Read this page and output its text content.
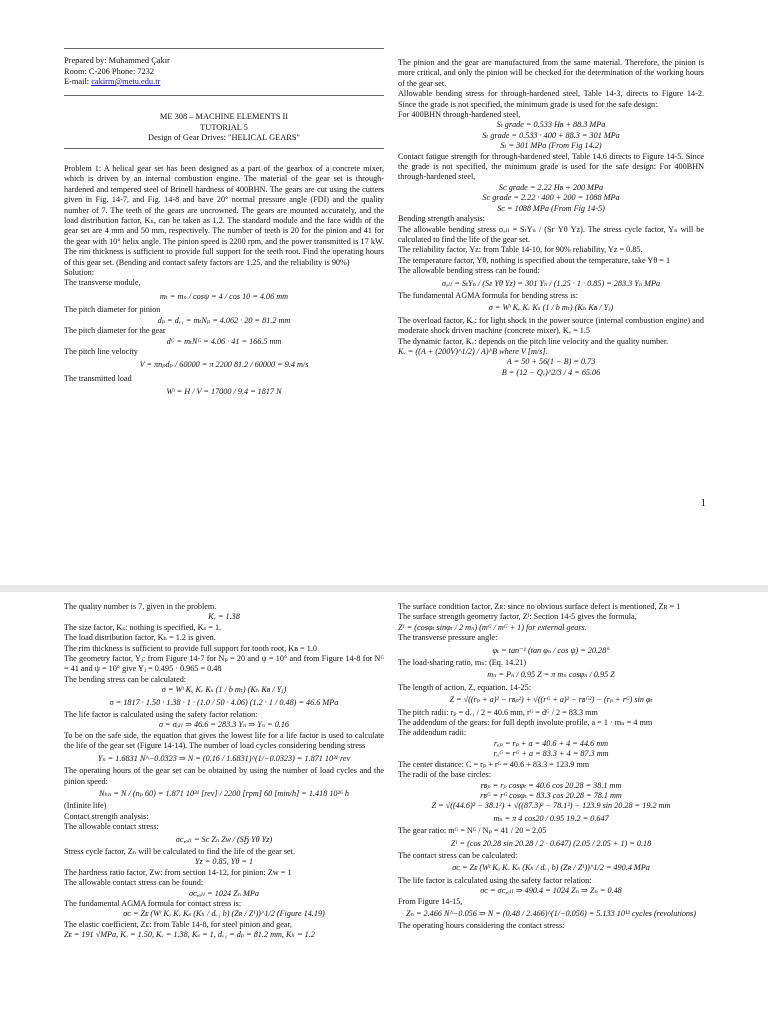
Prepared by: Muhammed Çakır
Room: C-206 Phone: 7232
E-mail: cakirm@metu.edu.tr
ME 308 – MACHINE ELEMENTS II
TUTORIAL 5
Design of Gear Drives: "HELICAL GEARS"

Problem 1: A helical gear set has been designed as a part of the gearbox of a concrete mixer, which is driven by an internal combustion engine. The material of the gear set is through-hardened and tempered steel of Brinell hardness of 400BHN. The gears are cut using the cutters given in Fig. 14-7, and Fig. 14-8 and have 20° normal pressure angle (FDI) and the quality number of 7. The teeth of the gears are uncrowned. The gears are mounted accurately, and the load distribution factor, Kₕ, can be taken as 1.2. The standard module and the face width of the gear set are 4 mm and 50 mm, respectively. The number of teeth is 20 for the pinion and 41 for the gear with 10° helix angle. The pinion speed is 2200 rpm, and the power transmitted is 17 kW. The rim thickness is sufficient to provide full support for the teeth root. Find the operating hours of this gear set. (Bending and contact safety factors are 1.25, and the reliability is 90%)

Solution:

The transverse module,

mₜ = mₙ / cosψ = 4 / cos 10 = 4.06 mm

The pitch diameter for pinion

dₚ = dᵥ₁ = mₜNₚ = 4.062 · 20 = 81.2 mm

The pitch diameter for the gear

dᴳ = mₜNᴳ = 4.06 · 41 = 166.5 mm

The pitch line velocity

V = πnₚdₚ / 60000 = π 2200 81.2 / 60000 = 9.4 m/s

The transmitted load

Wᵗ = H / V = 17000 / 9.4 = 1817 N

The pinion and the gear are manufactured from the same material. Therefore, the pinion is more critical, and only the pinion will be checked for the determination of the working hours of the gear set.

Allowable bending stress for through-hardened steel, Table 14-3, directs to Figure 14-2. Since the grade is not specified, the minimum grade is used for the safe design:

For 400BHN through-hardened steel,

Sₜ grade = 0.533 Hʙ + 88.3 MPa

Sₜ grade = 0.533 · 400 + 88.3 = 301 MPa

Sₜ = 301 MPa (From Fig 14.2)

Contact fatigue strength for through-hardened steel, Table 14.6 directs to Figure 14-5. Since the grade is not specified, the minimum grade is used for the safe design: For 400BHN through-hardened steel,

Sᴄ grade = 2.22 Hʙ + 200 MPa

Sᴄ grade = 2.22 · 400 + 200 = 1088 MPa

Sᴄ = 1088 MPa (From Fig 14-5)

Bending strength analysis:

The allowable bending stress σₐₗₗ = SₜYₙ / (Sғ Yθ Yᴢ). The stress cycle factor, Yₙ will be calculated to find the life of the gear set.

The reliability factor, Yᴢ: from Table 14-10, for 90% reliability, Yᴢ = 0.85.

The temperature factor, Yθ, nothing is specified about the temperature, take Yθ = 1

The allowable bending stress can be found:

σₐₗₗ = SₜYₙ / (Sғ Yθ Yᴢ) = 301 Yₙ / (1.25 · 1 · 0.85) = 283.3 Yₙ MPa

The fundamental AGMA formula for bending stress is:

σ = Wᵗ Kₒ Kᵥ Kₛ (1 / b mₜ) (Kₕ Kʙ / Yⱼ)

The overload factor, Kₒ: for light shock in the power source (internal combustion engine) and moderate shock driven machine (concrete mixer), Kₒ = 1.5

The dynamic factor, Kᵥ: depends on the pitch line velocity and the quality number.

Kᵥ = ((A + (200V)^1/2) / A)^B where V [m/s].

A = 50 + 56(1 − B) = 0.73

B = (12 − Qᵥ)^2/3 / 4 = 65.06

1

The quality number is 7, given in the problem.

Kᵥ = 1.38

The size factor, Kₛ: nothing is specified, Kₛ = 1.

The load distribution factor, Kₕ = 1.2 is given.

The rim thickness is sufficient to provide full support for tooth root, Kʙ = 1.0

The geometry factor, Yⱼ: from Figure 14-7 for Nₚ = 20 and ψ = 10° and from Figure 14-8 for Nᴳ = 41 and ψ = 10° give Yⱼ = 0.495 · 0.965 = 0.48

The bending stress can be calculated:

σ = Wᵗ Kₒ Kᵥ Kₛ (1 / b mₜ) (Kₕ Kʙ / Yⱼ)

σ = 1817 · 1.50 · 1.38 · 1 · (1.0 / 50 · 4.06) (1.2 · 1 / 0.48) = 46.6 MPa

The life factor is calculated using the safety factor relation:

σ = σₐₗₗ ⇒ 46.6 = 283.3 Yₙ ⇒ Yₙ = 0.16

To be on the safe side, the equation that gives the lowest life for a life factor is used to calculate the life of the gear set (Figure 14-14). The number of load cycles considering bending stress

Yₙ = 1.6831 N^−0.0323 ⇒ N = (0.16 / 1.6831)^(1/−0.0323) = 1.871 10³¹ rev

The operating hours of the gear set can be obtained by using the number of load cycles and the pinion speed:

Nₕₙ = N / (nₚ 60) = 1.871 10³¹ [rev] / 2200 [rpm] 60 [min/h] = 1.418 10²⁶ h

(Infinite life)

Contact strength analysis:

The allowable contact stress:

σᴄ,ₐₗₗ = Sᴄ Zₙ Zᴡ / (SҔ Yθ Yᴢ)

Stress cycle factor, Zₙ will be calculated to find the life of the gear set.

Yᴢ = 0.85, Yθ = 1

The hardness ratio factor, Zᴡ: from section 14-12, for pinion: Zᴡ = 1

The allowable contact stress can be found:

σᴄ,ₐₗₗ = 1024 Zₙ MPa

The fundamental AGMA formula for contact stress is:

σᴄ = Zᴇ (Wᵗ Kₒ Kᵥ Kₛ (Kₕ / dᵥ₁ b) (Zʀ / Zᴵ))^1/2 (Figure 14.19)

The elastic coefficient, Zᴇ: from Table 14-8, for steel pinion and gear,

Zᴇ = 191 √MPa, Kₒ = 1.50, Kᵥ = 1.38, Kₛ = 1, dᵥ₁ = dₚ = 81.2 mm, Kₕ = 1.2

The surface condition factor, Zʀ: since no obvious surface defect is mentioned, Zʀ = 1

The surface strength geometry factor, Zᴵ: Section 14-5 gives the formula,

Zᴵ = (cosφₜ sinφₜ / 2 mₙ) (mᴳ / mᴳ + 1) for external gears.

The transverse pressure angle:

φₜ = tan⁻¹ (tan φₙ / cos ψ) = 20.28°

The load-sharing ratio, mₙ: (Eq. 14.21)

mₙ = Pₙ / 0.95 Z = π mₙ cosφₙ / 0.95 Z

The length of action, Z, equation. 14-25:

Z = √((rₚ + a)² − rʙₚ²) + √((rᴳ + a)² − rʙᴳ²) − (rₚ + rᴳ) sin φₜ

The pitch radii: rₚ = dᵥ₁ / 2 = 40.6 mm, rᴳ = dᴳ / 2 = 83.3 mm

The addendum of the gears: for full depth involute profile, a = 1 · mₙ = 4 mm

The addendum radii:

rₐₚ = rₚ + a = 40.6 + 4 = 44.6 mm

rₐᴳ = rᴳ + a = 83.3 + 4 = 87.3 mm

The center distance: C = rₚ + rᴳ = 40.6 + 83.3 = 123.9 mm

The radii of the base circles:

rʙₚ = rₚ cosφₜ = 40.6 cos 20.28 = 38.1 mm

rʙᴳ = rᴳ cosφₜ = 83.3 cos 20.28 = 78.1 mm

Z = √((44.6)² − 38.1²) + √((87.3)² − 78.1²) − 123.9 sin 20.28 = 19.2 mm

mₙ = π 4 cos20 / 0.95 19.2 = 0.647

The gear ratio: mᴳ = Nᴳ / Nₚ = 41 / 20 = 2.05

Zᴵ = (cos 20.28 sin 20.28 / 2 · 0.647) (2.05 / 2.05 + 1) = 0.18

The contact stress can be calculated:

σᴄ = Zᴇ (Wᵗ Kₒ Kᵥ Kₛ (Kₕ / dᵥ₁ b) (Zʀ / Zᴵ))^1/2 = 490.4 MPa

The life factor is calculated using the safety factor relation:

σᴄ = σᴄ,ₐₗₗ ⇒ 490.4 = 1024 Zₙ ⇒ Zₙ = 0.48

From Figure 14-15,

Zₙ = 2.466 N^−0.056 ⇒ N = (0.48 / 2.466)^(1/−0.056) = 5.133 10¹² cycles (revolutions)

The operating hours considering the contact stress:
